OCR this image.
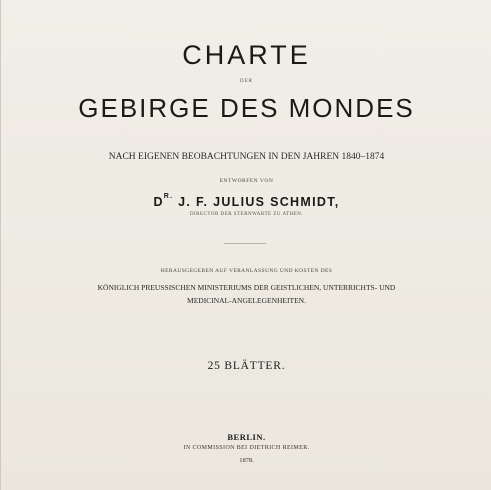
CHARTE
DER
GEBIRGE DES MONDES
NACH EIGENEN BEOBACHTUNGEN IN DEN JAHREN 1840–1874
ENTWORFEN VON
$D^{R.}$ J. F. JULIUS SCHMIDT,
DIRECTOR DER STERNWARTE ZU ATHEN.
HERAUSGEGEBEN AUF VERANLASSUNG UND KOSTEN DES
KÖNIGLICH PREUSSISCHEN MINISTERIUMS DER GEISTLICHEN, UNTERRICHTS- UND
MEDICINAL-ANGELEGENHEITEN.
25 BLÄTTER.
BERLIN.
IN COMMISSION BEI DIETRICH REIMER.
1878.
